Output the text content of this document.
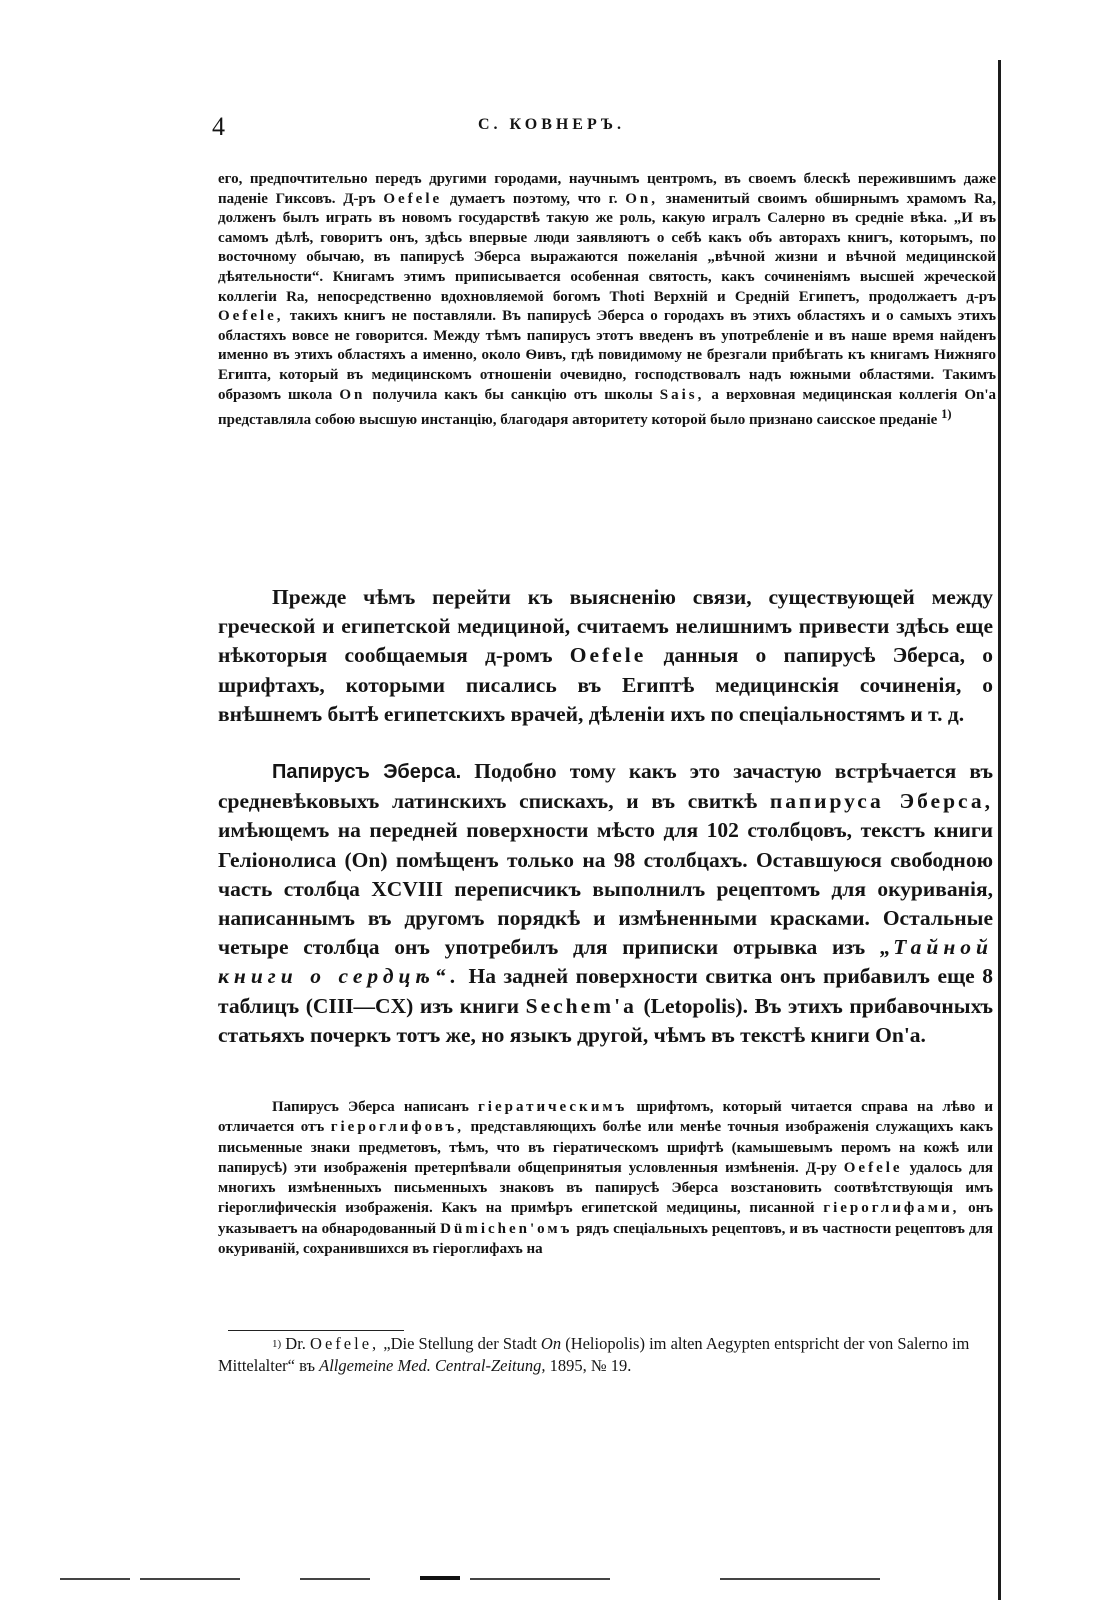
4	С. КОВНЕРЪ.

его, предпочтительно передъ другими городами, научнымъ центромъ, въ своемъ блескѣ пережившимъ даже паденіе Гиксовъ. Д-ръ Oefele думаетъ поэтому, что г. On, знаменитый своимъ обширнымъ храмомъ Ra, долженъ былъ играть въ новомъ государствѣ такую же роль, какую игралъ Салерно въ средніе вѣка. „И въ самомъ дѣлѣ, говоритъ онъ, здѣсь впервые люди заявляютъ о себѣ какъ объ авторахъ книгъ, которымъ, по восточному обычаю, въ папирусѣ Эберса выражаются пожеланія „вѣчной жизни и вѣчной медицинской дѣятельности“. Книгамъ этимъ приписывается особенная святость, какъ сочиненіямъ высшей жреческой коллегіи Ra, непосредственно вдохновляемой богомъ Thoti Верхній и Средній Египетъ, продолжаетъ д-ръ Oefele, такихъ книгъ не поставляли. Въ папирусѣ Эберса о городахъ въ этихъ областяхъ и о самыхъ этихъ областяхъ вовсе не говорится. Между тѣмъ папирусъ этотъ введенъ въ употребленіе и въ наше время найденъ именно въ этихъ областяхъ а именно, около Ѳивъ, гдѣ повидимому не брезгали прибѣгать къ книгамъ Нижняго Египта, который въ медицинскомъ отношеніи очевидно, господствовалъ надъ южными областями. Такимъ образомъ школа On получила какъ бы санкцію отъ школы Sais, а верховная медицинская коллегія On'а представляла собою высшую инстанцію, благодаря авторитету которой было признано саисское преданіе $^{1)}$

Прежде чѣмъ перейти къ выясненію связи, существующей между греческой и египетской медициной, считаемъ нелишнимъ привести здѣсь еще нѣкоторыя сообщаемыя д-ромъ Oefele данныя о папирусѣ Эберса, о шрифтахъ, которыми писались въ Египтѣ медицинскія сочиненія, о внѣшнемъ бытѣ египетскихъ врачей, дѣленіи ихъ по спеціальностямъ и т. д.

Папирусъ Эберса. Подобно тому какъ это зачастую встрѣчается въ средневѣковыхъ латинскихъ спискахъ, и въ свиткѣ папируса Эберса, имѣющемъ на передней поверхности мѣсто для 102 столбцовъ, текстъ книги Геліонолиса (On) помѣщенъ только на 98 столбцахъ. Оставшуюся свободною часть столбца XCVIII переписчикъ выполнилъ рецептомъ для окуриванія, написаннымъ въ другомъ порядкѣ и измѣненными красками. Остальные четыре столбца онъ употребилъ для приписки отрывка изъ „Тайной книги о сердцѣ“. На задней поверхности свитка онъ прибавилъ еще 8 таблицъ (CIII—CX) изъ книги Sechem'a (Letopolis). Въ этихъ прибавочныхъ статьяхъ почеркъ тотъ же, но языкъ другой, чѣмъ въ текстѣ книги On'а.

Папирусъ Эберса написанъ гіератическимъ шрифтомъ, который читается справа на лѣво и отличается отъ гieроглифовъ, представляющихъ болѣе или менѣе точныя изображенія служащихъ какъ письменные знаки предметовъ, тѣмъ, что въ гіератическомъ шрифтѣ (камышевымъ перомъ на кожѣ или папирусѣ) эти изображенія претерпѣвали общепринятыя условленныя измѣненія. Д-ру Oefele удалось для многихъ измѣненныхъ письменныхъ знаковъ въ папирусѣ Эберса возстановить соотвѣтствующія имъ гіероглифическія изображенія. Какъ на примѣръ египетской медицины, писанной гіероглифами, онъ указываетъ на обнародованный Dümichen'омъ рядъ спеціальныхъ рецептовъ, и въ частности рецептовъ для окуриваній, сохранившихся въ гіероглифахъ на

$^{1)}$ Dr. Oefele, „Die Stellung der Stadt On (Heliopolis) im alten Aegypten entspricht der von Salerno im Mittelalter“ въ Allgemeine Med. Central-Zeitung, 1895, № 19.
